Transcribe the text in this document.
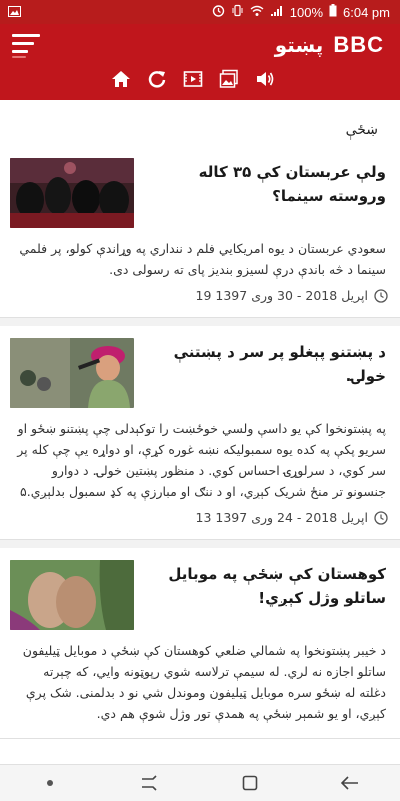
100% 6:04 pm
پښتو BBC
ښځې
ولې عربستان کې ۳۵ کاله وروسته سینما؟
سعودي عربستان د یوه امریکایي فلم د ننداري په وړاندې کولو، پر فلمي سینما د څه باندې درې لسيزو بندیز پای ته رسولی دی.
19 اپریل 2018 - 30 وری 1397
د پښتنو پېغلو پر سر د پښتنې خولۍ.
په پښتونخوا کې یو داسې ولسي خوځښت را توکېدلی چې پښتنو ښځو او سریو پکې په کده یوه سمبولیکه نښه غوره کړې، او دواړه یې چې کله پر سر کوي، د سرلوړۍ احساس کوي. د منظور پښتين خولۍ. د دوارو جنسونو تر منځ شریک کېږي، او د ننګ او مبارزې په کډ سمبول بدلېږي.۵
13 اپریل 2018 - 24 وری 1397
کوهستان کې ښځې په موبایل ساتلو وژل کېږي!
د خیبر پښتونخوا په شمالي ضلعي کوهستان کې ښځې د موبایل ټیلیفون ساتلو اجازه نه لري. له سیمې ترلاسه شوي رپوټونه وایي، که چېرته دغلته له ښځو سره موبایل ټیلیفون وموندل شي نو د بدلمنی. شک پرې کېږي، او یو شمېر ښځې په همدې تور وژل شوې هم دي.
